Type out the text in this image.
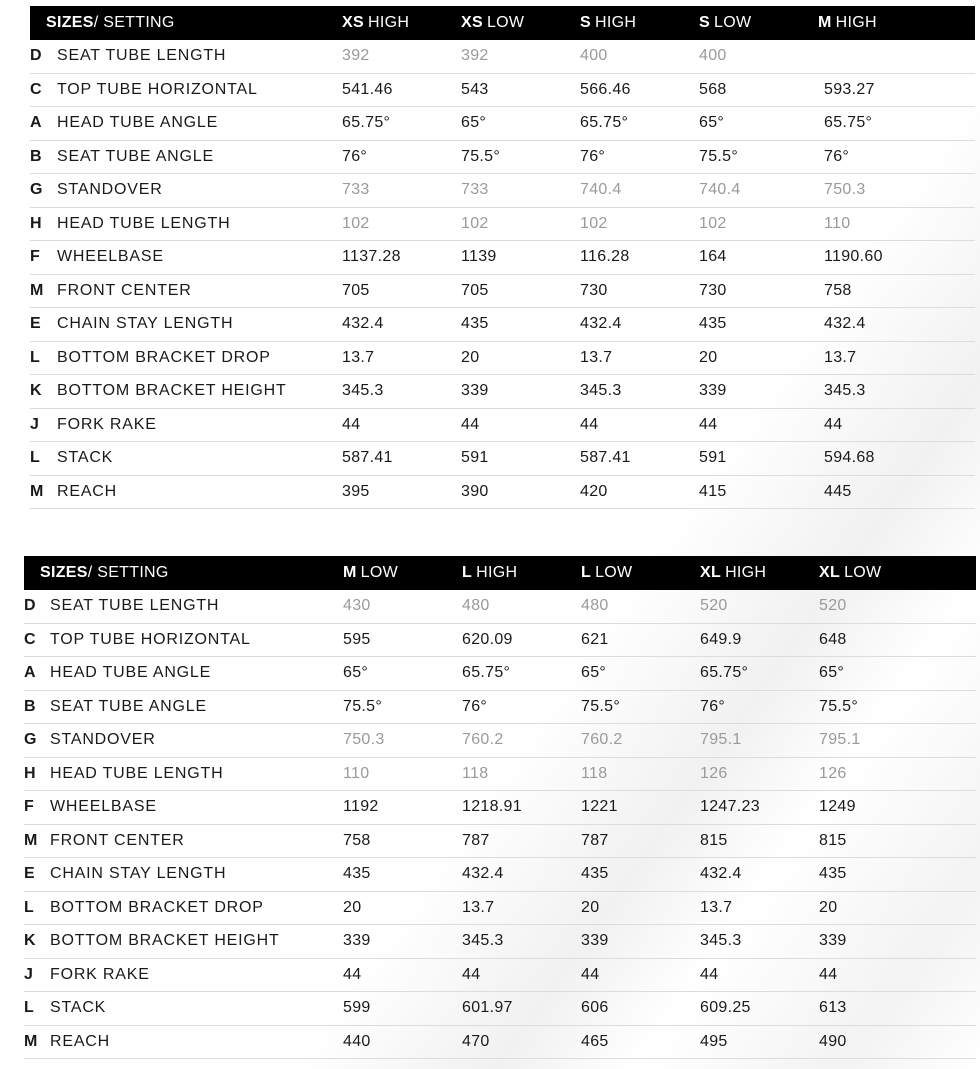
SIZES/ SETTING		XS HIGH	XS LOW	S HIGH	S LOW	M HIGH
D	SEAT TUBE LENGTH	392	392	400	400	
C	TOP TUBE HORIZONTAL	541.46	543	566.46	568	593.27
A	HEAD TUBE ANGLE	65.75°	65°	65.75°	65°	65.75°
B	SEAT TUBE ANGLE	76°	75.5°	76°	75.5°	76°
G	STANDOVER	733	733	740.4	740.4	750.3
H	HEAD TUBE LENGTH	102	102	102	102	110
F	WHEELBASE	1137.28	1139	116.28	164	1190.60
M	FRONT CENTER	705	705	730	730	758
E	CHAIN STAY LENGTH	432.4	435	432.4	435	432.4
L	BOTTOM BRACKET DROP	13.7	20	13.7	20	13.7
K	BOTTOM BRACKET HEIGHT	345.3	339	345.3	339	345.3
J	FORK RAKE	44	44	44	44	44
L	STACK	587.41	591	587.41	591	594.68
M	REACH	395	390	420	415	445
SIZES/ SETTING		M LOW	L HIGH	L LOW	XL HIGH	XL LOW
D	SEAT TUBE LENGTH	430	480	480	520	520
C	TOP TUBE HORIZONTAL	595	620.09	621	649.9	648
A	HEAD TUBE ANGLE	65°	65.75°	65°	65.75°	65°
B	SEAT TUBE ANGLE	75.5°	76°	75.5°	76°	75.5°
G	STANDOVER	750.3	760.2	760.2	795.1	795.1
H	HEAD TUBE LENGTH	110	118	118	126	126
F	WHEELBASE	1192	1218.91	1221	1247.23	1249
M	FRONT CENTER	758	787	787	815	815
E	CHAIN STAY LENGTH	435	432.4	435	432.4	435
L	BOTTOM BRACKET DROP	20	13.7	20	13.7	20
K	BOTTOM BRACKET HEIGHT	339	345.3	339	345.3	339
J	FORK RAKE	44	44	44	44	44
L	STACK	599	601.97	606	609.25	613
M	REACH	440	470	465	495	490
